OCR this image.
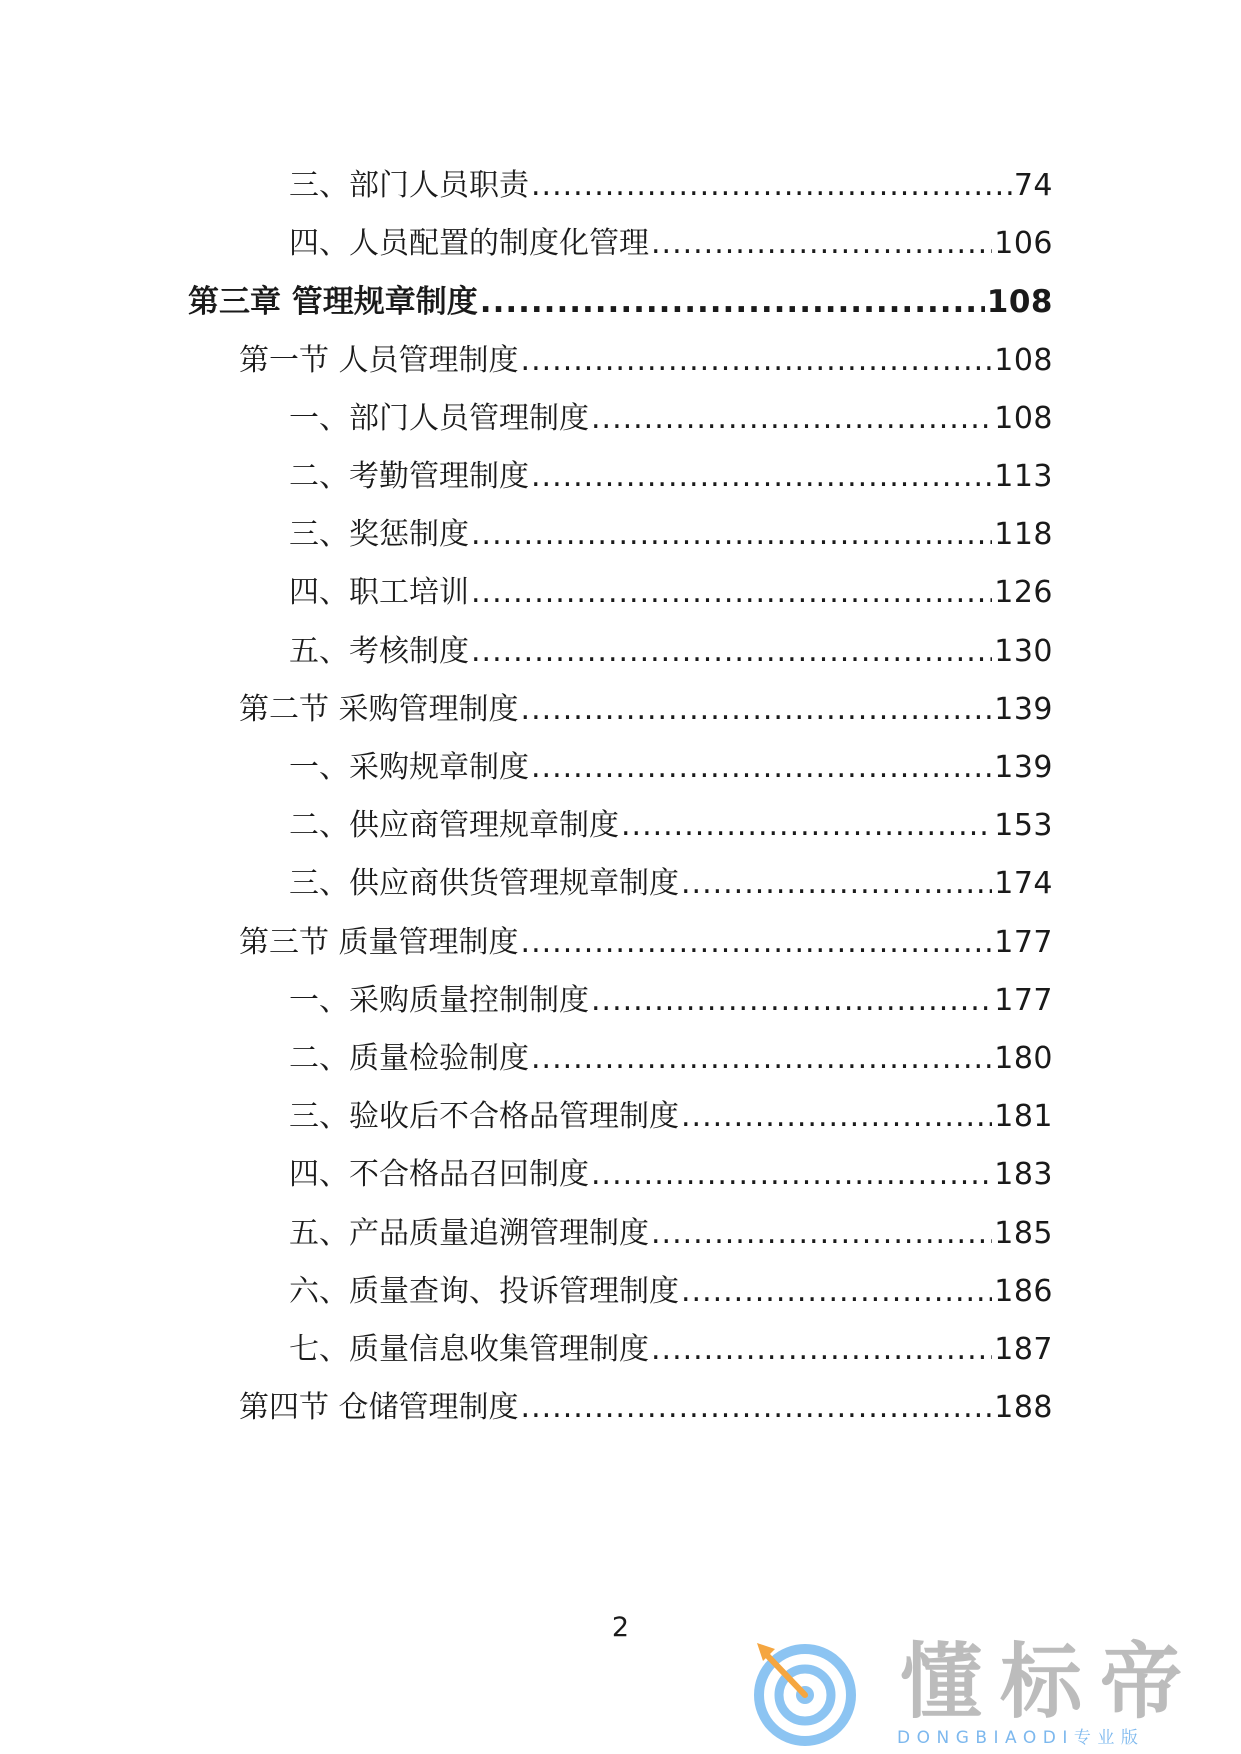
三、部门人员职责 .....	74
四、人员配置的制度化管理 .....	106
第三章 管理规章制度 .....	108
第一节 人员管理制度 .....	108
一、部门人员管理制度 .....	108
二、考勤管理制度 .....	113
三、奖惩制度 .....	118
四、职工培训 .....	126
五、考核制度 .....	130
第二节 采购管理制度 .....	139
一、采购规章制度 .....	139
二、供应商管理规章制度 .....	153
三、供应商供货管理规章制度 .....	174
第三节 质量管理制度 .....	177
一、采购质量控制制度 .....	177
二、质量检验制度 .....	180
三、验收后不合格品管理制度 .....	181
四、不合格品召回制度 .....	183
五、产品质量追溯管理制度 .....	185
六、质量查询、投诉管理制度 .....	186
七、质量信息收集管理制度 .....	187
第四节 仓储管理制度 .....	188
2
懂标帝
DONGBIAODI专业版
